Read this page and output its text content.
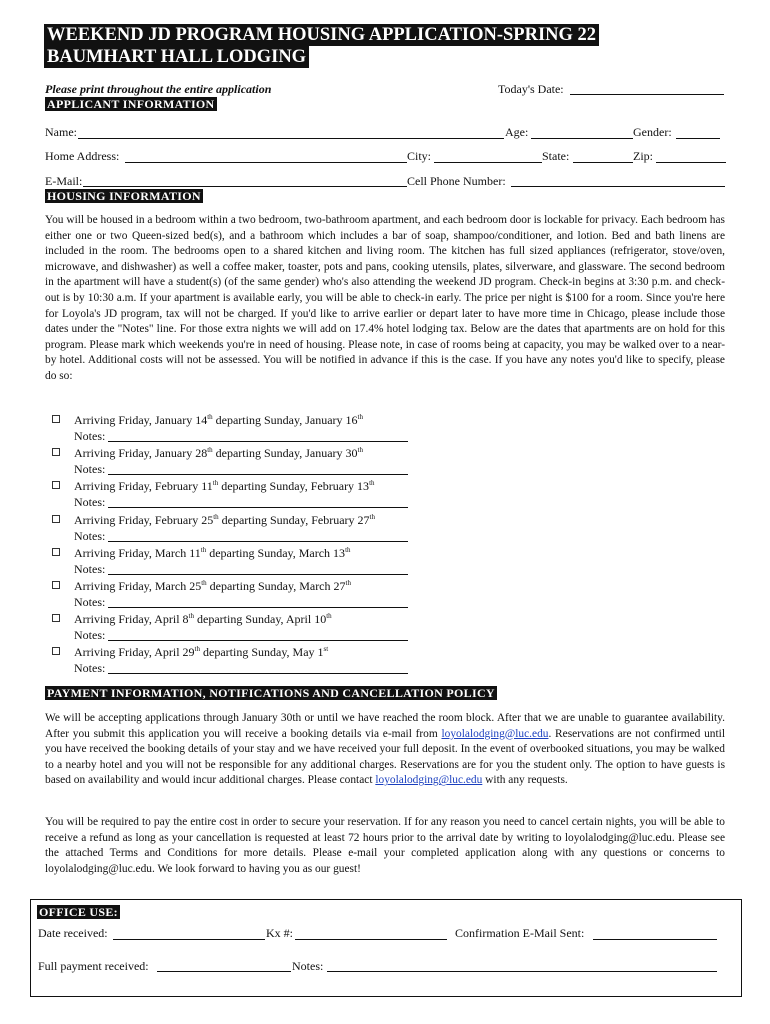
WEEKEND JD PROGRAM HOUSING APPLICATION-SPRING 22
BAUMHART HALL LODGING
Please print throughout the entire application	Today's Date:
APPLICANT INFORMATION
Name:	Age:	Gender:
Home Address:	City:	State:	Zip:
E-Mail:	Cell Phone Number:
HOUSING INFORMATION
You will be housed in a bedroom within a two bedroom, two-bathroom apartment, and each bedroom door is lockable for privacy. Each bedroom has either one or two Queen-sized bed(s), and a bathroom which includes a bar of soap, shampoo/conditioner, and lotion. Bed and bath linens are included in the room. The bedrooms open to a shared kitchen and living room. The kitchen has full sized appliances (refrigerator, stove/oven, microwave, and dishwasher) as well a coffee maker, toaster, pots and pans, cooking utensils, plates, silverware, and glassware. The second bedroom in the apartment will have a student(s) (of the same gender) who's also attending the weekend JD program. Check-in begins at 3:30 p.m. and check-out is by 10:30 a.m. If your apartment is available early, you will be able to check-in early. The price per night is $100 for a room. Since you're here for Loyola's JD program, tax will not be charged. If you'd like to arrive earlier or depart later to have more time in Chicago, please include those dates under the "Notes" line. For those extra nights we will add on 17.4% hotel lodging tax. Below are the dates that apartments are on hold for this program. Please mark which weekends you're in need of housing. Please note, in case of rooms being at capacity, you may be walked over to a near-by hotel. Additional costs will not be assessed. You will be notified in advance if this is the case. If you have any notes you'd like to specify, please do so:
Arriving Friday, January 14th departing Sunday, January 16th
Notes:
Arriving Friday, January 28th departing Sunday, January 30th
Notes:
Arriving Friday, February 11th departing Sunday, February 13th
Notes:
Arriving Friday, February 25th departing Sunday, February 27th
Notes:
Arriving Friday, March 11th departing Sunday, March 13th
Notes:
Arriving Friday, March 25th departing Sunday, March 27th
Notes:
Arriving Friday, April 8th departing Sunday, April 10th
Notes:
Arriving Friday, April 29th departing Sunday, May 1st
Notes:
PAYMENT INFORMATION, NOTIFICATIONS AND CANCELLATION POLICY
We will be accepting applications through January 30th or until we have reached the room block. After that we are unable to guarantee availability. After you submit this application you will receive a booking details via e-mail from loyolalodging@luc.edu. Reservations are not confirmed until you have received the booking details of your stay and we have received your full deposit. In the event of overbooked situations, you may be walked to a nearby hotel and you will not be responsible for any additional charges. Reservations are for you the student only. The option to have guests is based on availability and would incur additional charges. Please contact loyolalodging@luc.edu with any requests.
You will be required to pay the entire cost in order to secure your reservation. If for any reason you need to cancel certain nights, you will be able to receive a refund as long as your cancellation is requested at least 72 hours prior to the arrival date by writing to loyolalodging@luc.edu. Please see the attached Terms and Conditions for more details. Please e-mail your completed application along with any questions or concerns to loyolalodging@luc.edu. We look forward to having you as our guest!
OFFICE USE:
Date received:	Kx #:	Confirmation E-Mail Sent:
Full payment received:	Notes:
